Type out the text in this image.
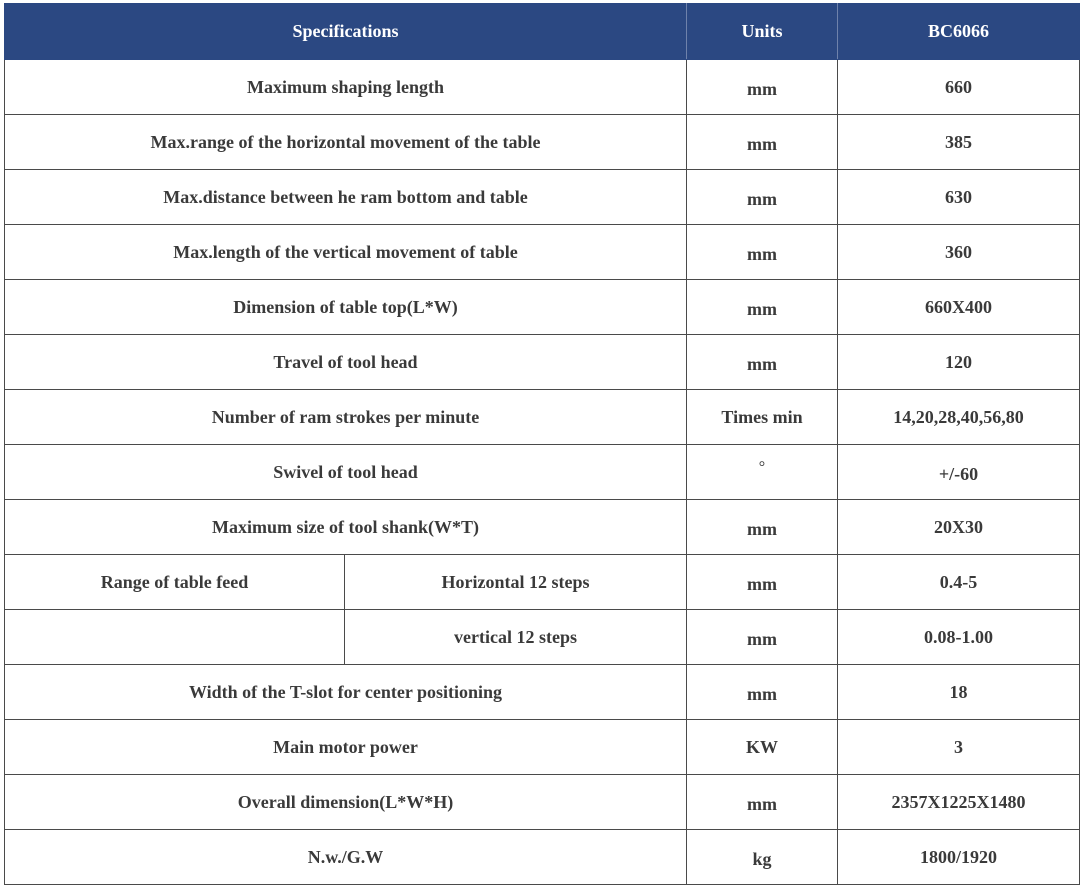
Specifications		Units	BC6066
Maximum shaping length		mm	660
Max.range of the horizontal movement of the table		mm	385
Max.distance between he ram bottom and table		mm	630
Max.length of the vertical movement of table		mm	360
Dimension of table top(L*W)		mm	660X400
Travel of tool head		mm	120
Number of ram strokes per minute		Times min	14,20,28,40,56,80
Swivel of tool head		°	+/-60
Maximum size of tool shank(W*T)		mm	20X30
Range of table feed	Horizontal 12 steps	mm	0.4-5
	vertical 12 steps	mm	0.08-1.00
Width of the T-slot for center positioning		mm	18
Main motor power		KW	3
Overall dimension(L*W*H)		mm	2357X1225X1480
N.w./G.W		kg	1800/1920
